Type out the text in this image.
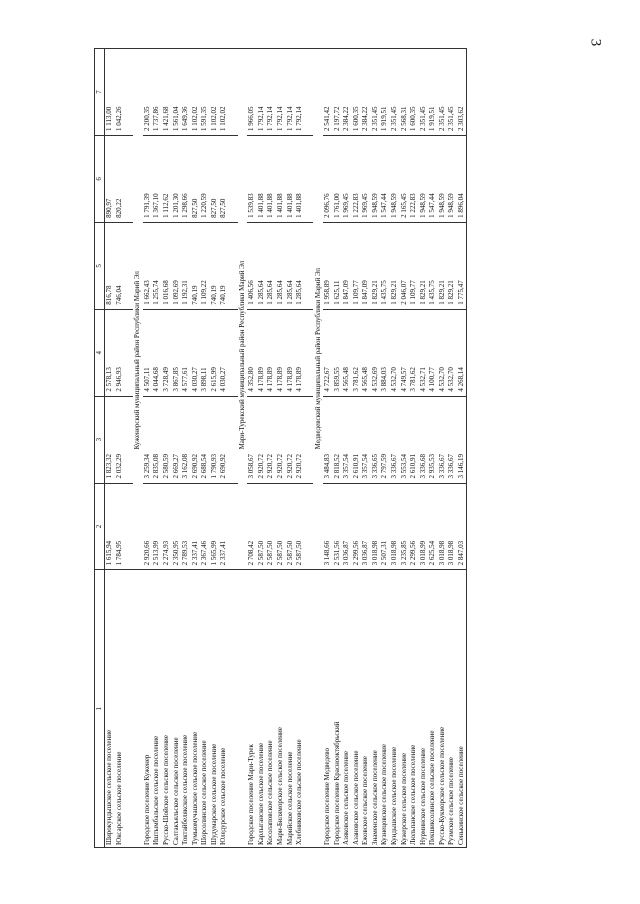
3
1	2	3	4	5	6	7
Широкундышское сельское поселение	1 615,94	1 823,32	2 578,13	816,78	890,97	1 113,00
Юксарское сельское поселение	1 784,95	2 032,29	2 946,93	746,04	820,22	1 042,26

	Куженерский муниципальный район Республики Марий Эл					
Городское поселение Куженер	2 920,66	3 259,34	4 507,11	1 662,43	1 791,39	2 200,35
Иштымбальское сельское поселение	2 513,99	2 835,08	4 044,68	1 255,74	1 367,10	1 737,86
Русско-Шойское сельское поселение	2 274,93	2 580,59	3 728,49	1 016,68	1 112,62	1 421,68
Салтакъяльское сельское поселение	2 350,95	2 669,27	3 867,85	1 092,69	1 201,30	1 561,04
Токтайбелякское сельское поселение	2 789,53	3 162,08	4 577,61	1 192,31	1 298,66	1 649,36
Тумьюмучашское сельское поселение	2 337,41	2 690,92	4 030,27	740,19	827,50	1 102,02
Шорсолинское сельское поселение	2 367,46	2 688,54	3 898,11	1 109,22	1 220,59	1 591,35
Шудумарское сельское поселение	1 565,99	1 790,93	2 615,99	740,19	827,50	1 102,02
Юледурское сельское поселение	2 337,41	2 690,92	4 030,27	740,19	827,50	1 102,02

	Мари-Турекский муниципальный район Республики Марий Эл					
Городское поселение Мари-Турек	2 708,42	3 058,67	4 352,80	1 406,56	1 539,83	1 966,05
Карлыганское сельское поселение	2 587,50	2 920,72	4 178,89	1 285,64	1 401,88	1 792,14
Косолаповское сельское поселение	2 587,50	2 920,72	4 178,89	1 285,64	1 401,88	1 792,14
Мари-Биляморское сельское поселение	2 587,50	2 920,72	4 178,89	1 285,64	1 401,88	1 792,14
Марийское сельское поселение	2 587,50	2 920,72	4 178,89	1 285,64	1 401,88	1 792,14
Хлебниковское сельское поселение	2 587,50	2 920,72	4 178,89	1 285,64	1 401,88	1 792,14

	Медведевский муниципальный район Республики Марий Эл					
Городское поселение Медведево	3 148,66	3 484,83	4 722,67	1 958,89	2 096,76	2 541,42
Городское поселение Краснооктябрьский	2 531,56	2 818,52	3 859,55	1 625,11	1 761,00	2 197,72
Азяковское сельское поселение	3 036,87	3 357,54	4 565,48	1 847,09	1 969,45	2 384,22
Азановское сельское поселение	2 299,56	2 610,91	3 781,62	1 109,77	1 222,83	1 600,35
Ежовское сельское поселение	3 036,87	3 357,54	4 565,48	1 847,09	1 969,45	2 384,22
Знаменское сельское поселение	3 018,98	3 336,65	4 532,69	1 829,21	1 948,59	2 351,45
Кузнецовское сельское поселение	2 507,31	2 797,59	3 884,03	1 435,75	1 547,44	1 919,51
Кундышское сельское поселение	3 018,98	3 336,67	4 532,70	1 829,21	1 948,59	2 351,45
Кужерское сельское поселение	3 235,85	3 553,54	4 749,57	2 046,07	2 165,45	2 568,31
Люльпанское сельское поселение	2 299,56	2 610,91	3 781,62	1 109,77	1 222,83	1 600,35
Нурминское сельское поселение	3 018,99	3 336,68	4 532,71	1 829,21	1 948,59	2 351,45
Пекшиксолинское сельское поселение	2 625,54	2 935,53	4 100,77	1 435,75	1 547,44	1 919,51
Русско-Кукморское сельское поселение	3 018,98	3 336,67	4 532,70	1 829,21	1 948,59	2 351,45
Руэмское сельское поселение	3 018,98	3 336,67	4 532,70	1 829,21	1 948,59	2 351,45
Сенькинское сельское поселение	2 847,03	3 146,19	4 268,14	1 775,47	1 896,04	2 303,62
